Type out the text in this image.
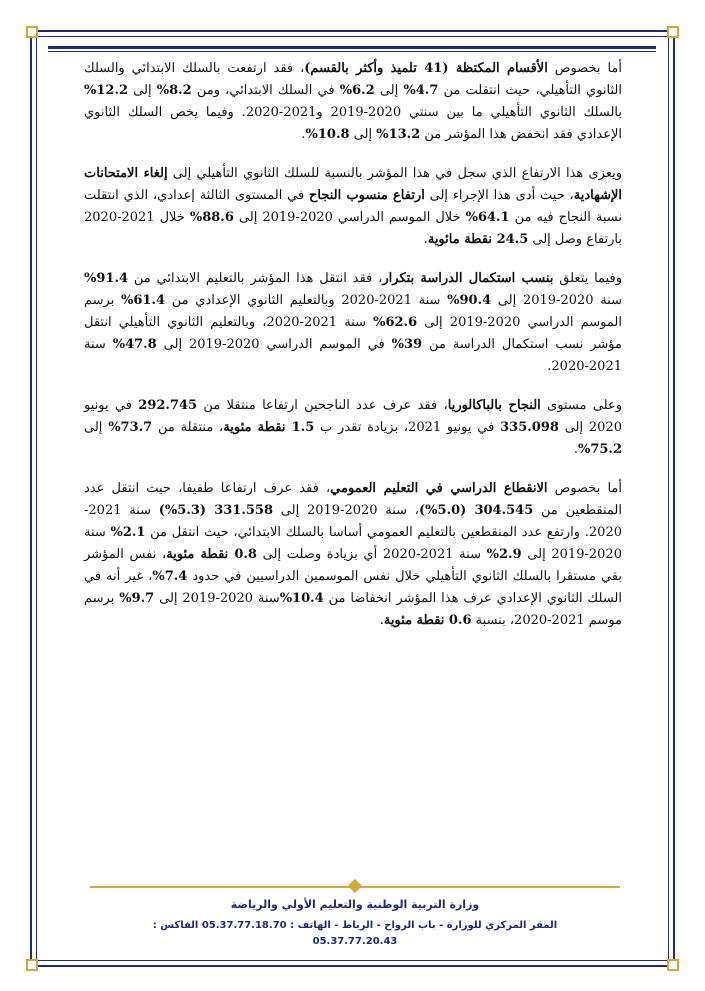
أما بخصوص الأقسام المكتظة (41 تلميذ وأكثر بالقسم)، فقد ارتفعت بالسلك الابتدائي والسلك الثانوي التأهيلي، حيث انتقلت من 4.7% إلى 6.2% في السلك الابتدائي، ومن 8.2% إلى 12.2% بالسلك الثانوي التأهيلي ما بين سنتي 2020-2019 و2021-2020. وفيما يخص السلك الثانوي الإعدادي فقد انخفض هذا المؤشر من 13.2% إلى 10.8%.

ويعزى هذا الارتفاع الذي سجل في هذا المؤشر بالنسبة للسلك الثانوي التأهيلي إلى إلغاء الامتحانات الإشهادية، حيث أدى هذا الإجراء إلى ارتفاع منسوب النجاح في المستوى الثالثة إعدادي، الذي انتقلت نسبة النجاح فيه من 64.1% خلال الموسم الدراسي 2020-2019 إلى 88.6% خلال 2021-2020 بارتفاع وصل إلى 24.5 نقطة مائوية.

وفيما يتعلق بنسب استكمال الدراسة بتكرار، فقد انتقل هذا المؤشر بالتعليم الابتدائي من 91.4% سنة 2020-2019 إلى 90.4% سنة 2021-2020 وبالتعليم الثانوي الإعدادي من 61.4% برسم الموسم الدراسي 2020-2019 إلى 62.6% سنة 2021-2020، وبالتعليم الثانوي التأهيلي انتقل مؤشر نسب استكمال الدراسة من 39% في الموسم الدراسي 2020-2019 إلى 47.8% سنة 2021-2020.

وعلى مستوى النجاح بالباكالوريا، فقد عرف عدد الناجحين ارتفاعا منتقلا من 292.745 في يونيو 2020 إلى 335.098 في يونيو 2021، بزيادة تقدر ب 1.5 نقطة مئوية، منتقلة من 73.7% إلى 75.2%.

أما بخصوص الانقطاع الدراسي في التعليم العمومي، فقد عرف ارتفاعا طفيفا، حيث انتقل عدد المنقطعين من 304.545 (5.0%)، سنة 2020-2019 إلى 331.558 (5.3%) سنة 2021-2020. وارتفع عدد المنقطعين بالتعليم العمومي أساسا بالسلك الابتدائي، حيث انتقل من 2.1% سنة 2020-2019 إلى 2.9% سنة 2021-2020 أي بزيادة وصلت إلى 0.8 نقطة مئوية، نفس المؤشر بقي مستقرا بالسلك الثانوي التأهيلي خلال نفس الموسمين الدراسيين في حدود 7.4%، غير أنه في السلك الثانوي الإعدادي عرف هذا المؤشر انخفاضا من 10.4%سنة 2020-2019 إلى 9.7% برسم موسم 2021-2020، بنسبة 0.6 نقطة مئوية.

وزارة التربية الوطنية والتعليم الأولي والرياضة
المقر المركزي للوزارة - باب الرواح - الرباط - الهاتف : 05.37.77.18.70 الفاكس : 05.37.77.20.43
